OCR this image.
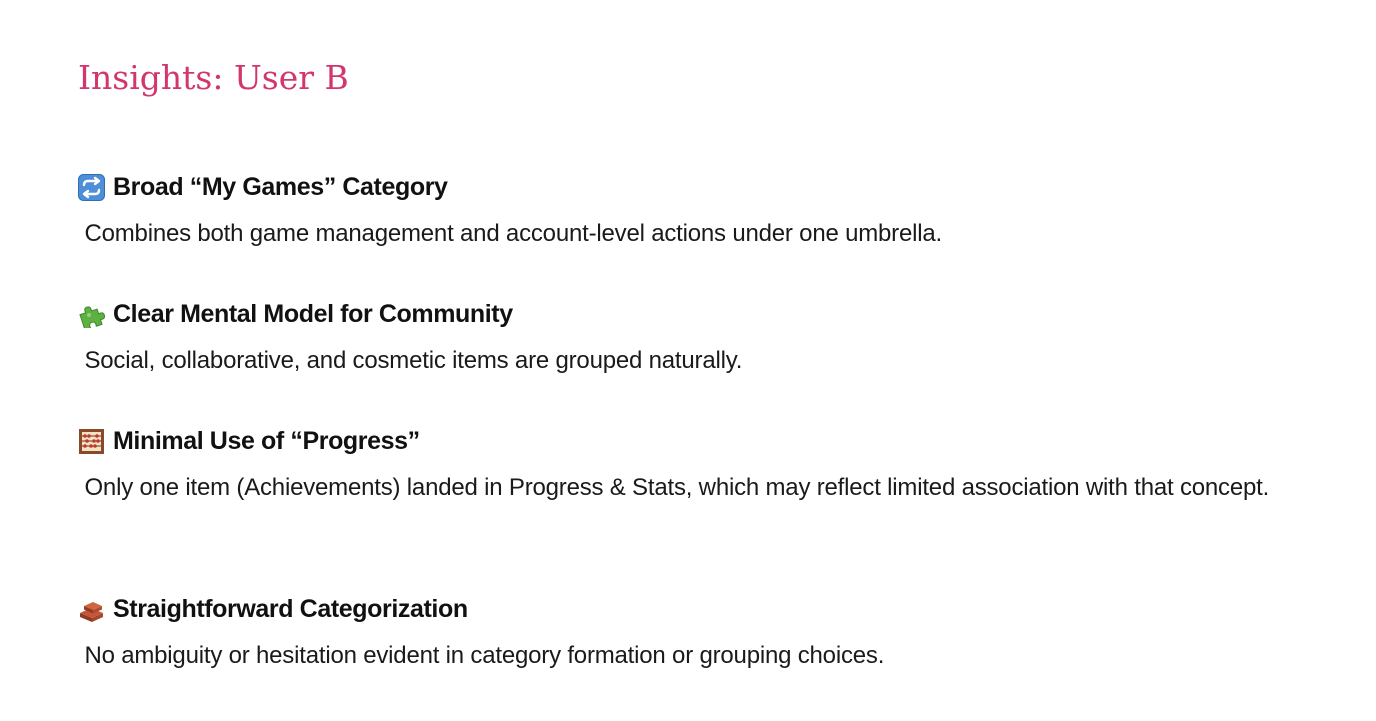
Insights: User B
Broad “My Games” Category

Combines both game management and account-level actions under one umbrella.

Clear Mental Model for Community

Social, collaborative, and cosmetic items are grouped naturally.

Minimal Use of “Progress”

Only one item (Achievements) landed in Progress & Stats, which may reflect limited association with that concept.

Straightforward Categorization

No ambiguity or hesitation evident in category formation or grouping choices.
